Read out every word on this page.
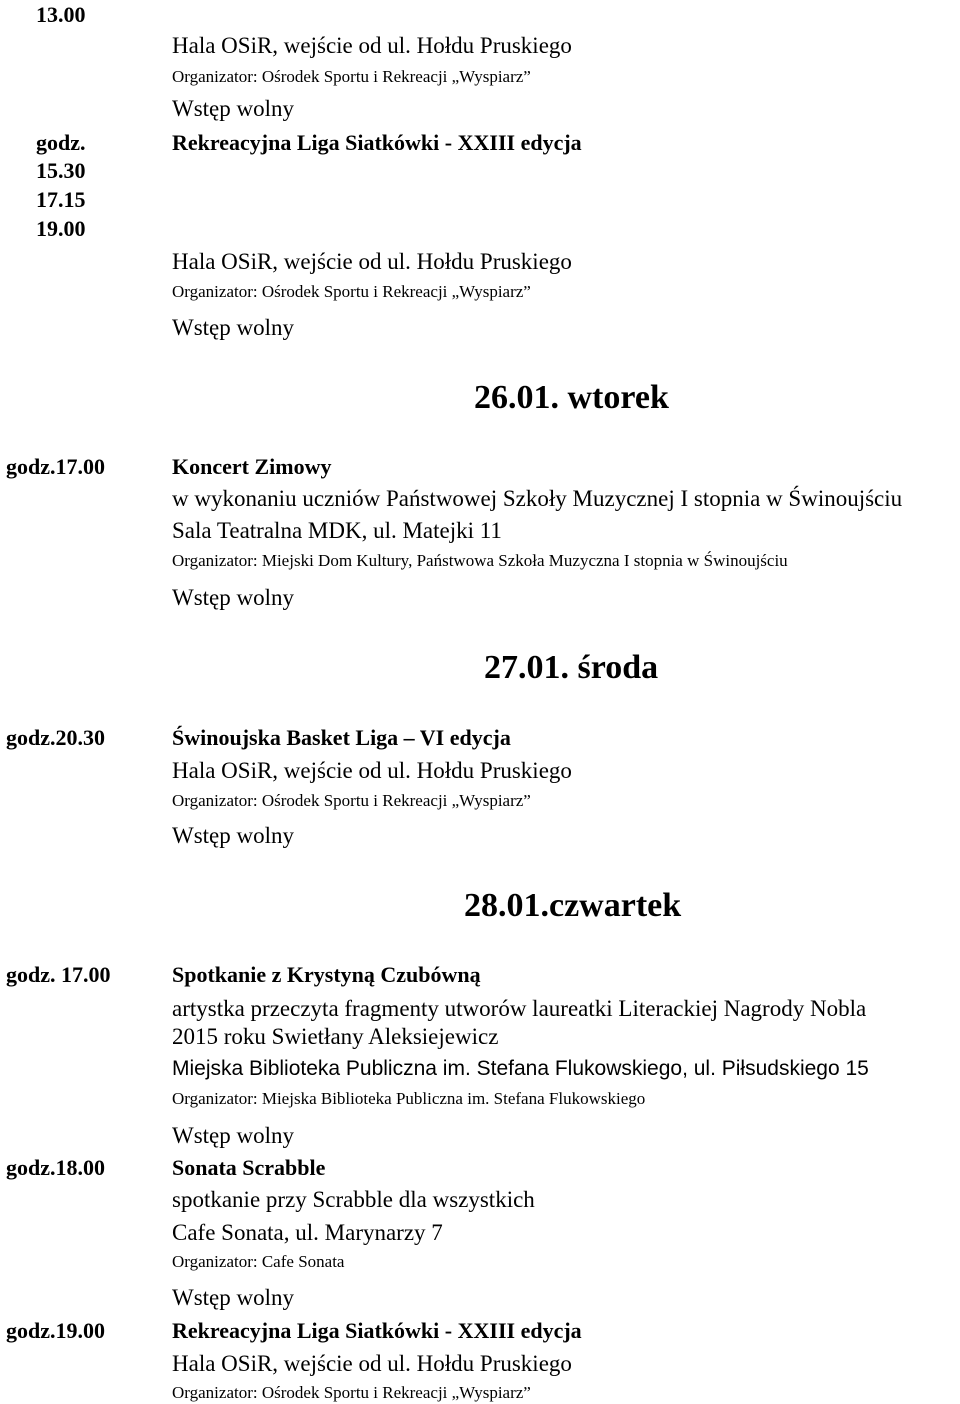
13.00
godz.
15.30
17.15
19.00
godz.17.00
godz.20.30
godz. 17.00
godz.18.00
godz.19.00
26.01. wtorek
27.01. środa
28.01.czwartek
Hala OSiR, wejście od ul. Hołdu Pruskiego
Organizator: Ośrodek Sportu i Rekreacji „Wyspiarz”
Wstęp wolny
Rekreacyjna Liga Siatkówki - XXIII edycja
Hala OSiR, wejście od ul. Hołdu Pruskiego
Organizator: Ośrodek Sportu i Rekreacji „Wyspiarz”
Wstęp wolny
Koncert Zimowy
w wykonaniu uczniów Państwowej Szkoły Muzycznej I stopnia w Świnoujściu
Sala Teatralna MDK, ul. Matejki 11
Organizator: Miejski Dom Kultury, Państwowa Szkoła Muzyczna I stopnia w Świnoujściu
Wstęp wolny
Świnoujska Basket Liga – VI edycja
Hala OSiR, wejście od ul. Hołdu Pruskiego
Organizator: Ośrodek Sportu i Rekreacji „Wyspiarz”
Wstęp wolny
Spotkanie z Krystyną Czubówną
artystka przeczyta fragmenty utworów laureatki Literackiej Nagrody Nobla
2015 roku Swietłany Aleksiejewicz
Miejska Biblioteka Publiczna im. Stefana Flukowskiego, ul. Piłsudskiego 15
Organizator: Miejska Biblioteka Publiczna im. Stefana Flukowskiego
Wstęp wolny
Sonata Scrabble
spotkanie przy Scrabble dla wszystkich
Cafe Sonata, ul. Marynarzy 7
Organizator: Cafe Sonata
Wstęp wolny
Rekreacyjna Liga Siatkówki - XXIII edycja
Hala OSiR, wejście od ul. Hołdu Pruskiego
Organizator: Ośrodek Sportu i Rekreacji „Wyspiarz”
